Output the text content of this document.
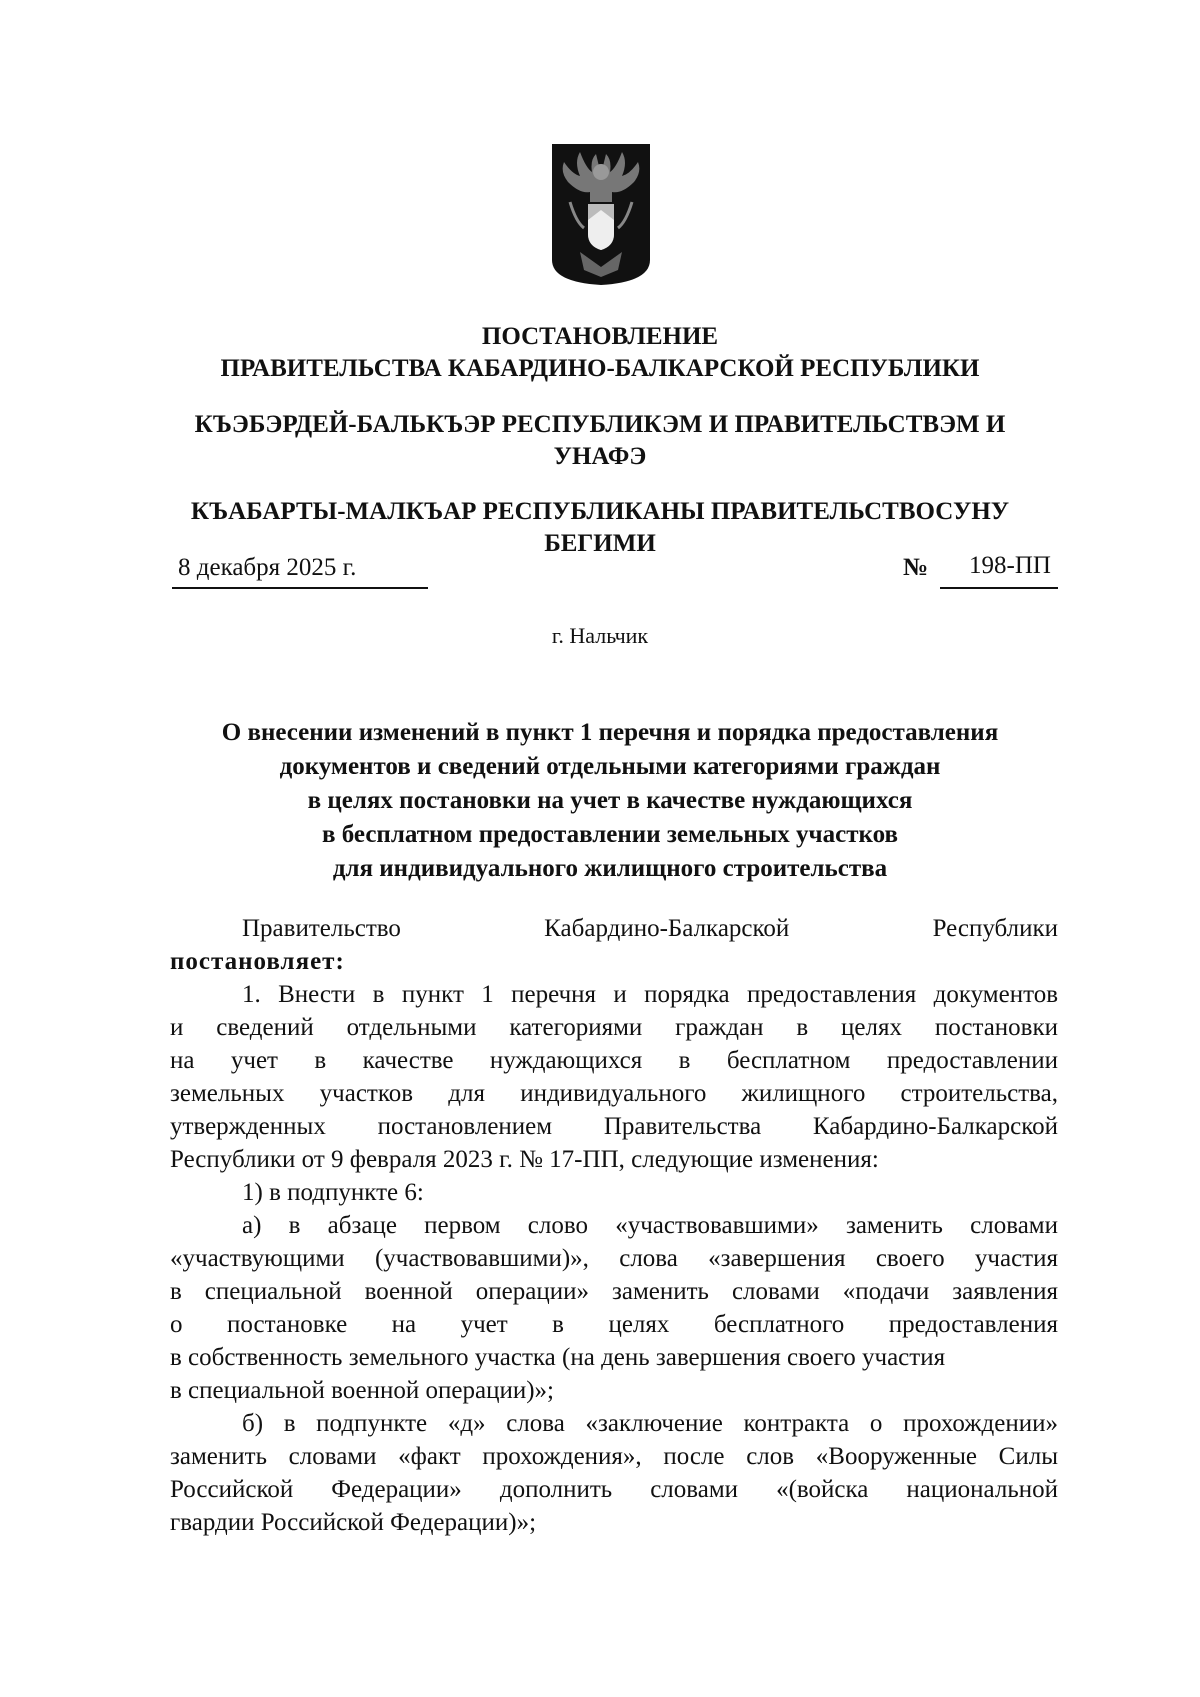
ПОСТАНОВЛЕНИЕ
ПРАВИТЕЛЬСТВА КАБАРДИНО-БАЛКАРСКОЙ РЕСПУБЛИКИ
КЪЭБЭРДЕЙ-БАЛЬКЪЭР РЕСПУБЛИКЭМ И ПРАВИТЕЛЬСТВЭМ И
УНАФЭ
КЪАБАРТЫ-МАЛКЪАР РЕСПУБЛИКАНЫ ПРАВИТЕЛЬСТВОСУНУ
БЕГИМИ
8 декабря 2025 г.	№ 198-ПП
г. Нальчик
О внесении изменений в пункт 1 перечня и порядка предоставления
документов и сведений отдельными категориями граждан
в целях постановки на учет в качестве нуждающихся
в бесплатном предоставлении земельных участков
для индивидуального жилищного строительства

Правительство Кабардино-Балкарской Республики

постановляет:

1. Внести в пункт 1 перечня и порядка предоставления документов

и сведений отдельными категориями граждан в целях постановки

на учет в качестве нуждающихся в бесплатном предоставлении

земельных участков для индивидуального жилищного строительства,

утвержденных постановлением Правительства Кабардино-Балкарской

Республики от 9 февраля 2023 г. № 17-ПП, следующие изменения:

1) в подпункте 6:

а) в абзаце первом слово «участвовавшими» заменить словами

«участвующими (участвовавшими)», слова «завершения своего участия

в специальной военной операции» заменить словами «подачи заявления

о постановке на учет в целях бесплатного предоставления

в собственность земельного участка (на день завершения своего участия

в специальной военной операции)»;

б) в подпункте «д» слова «заключение контракта о прохождении»

заменить словами «факт прохождения», после слов «Вооруженные Силы

Российской Федерации» дополнить словами «(войска национальной

гвардии Российской Федерации)»;
